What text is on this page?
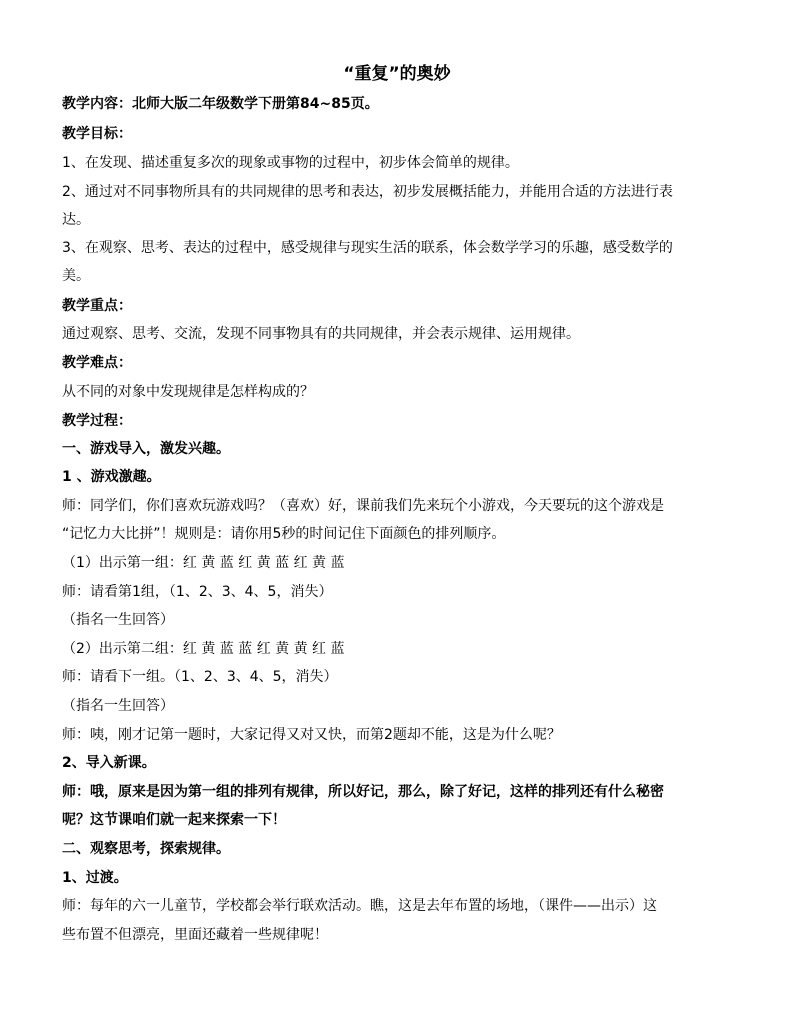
“重复”的奥妙
教学内容：北师大版二年级数学下册第84~85页。
教学目标：
1、在发现、描述重复多次的现象或事物的过程中，初步体会简单的规律。
2、通过对不同事物所具有的共同规律的思考和表达，初步发展概括能力，并能用合适的方法进行表
达。
3、在观察、思考、表达的过程中，感受规律与现实生活的联系，体会数学学习的乐趣，感受数学的
美。
教学重点：
通过观察、思考、交流，发现不同事物具有的共同规律，并会表示规律、运用规律。
教学难点：
从不同的对象中发现规律是怎样构成的？
教学过程：
一、游戏导入，激发兴趣。
1 、游戏激趣。
师：同学们，你们喜欢玩游戏吗？（喜欢）好，课前我们先来玩个小游戏，今天要玩的这个游戏是
“记忆力大比拼”！规则是：请你用5秒的时间记住下面颜色的排列顺序。
（1）出示第一组：红 黄 蓝 红 黄 蓝 红 黄 蓝
师：请看第1组，（1、2、3、4、5，消失）
（指名一生回答）
（2）出示第二组：红 黄 蓝 蓝 红 黄 黄 红 蓝
师：请看下一组。（1、2、3、4、5，消失）
（指名一生回答）
师：咦，刚才记第一题时，大家记得又对又快，而第2题却不能，这是为什么呢？
2、导入新课。
师：哦，原来是因为第一组的排列有规律，所以好记，那么，除了好记，这样的排列还有什么秘密
呢？这节课咱们就一起来探索一下！
二、观察思考，探索规律。
1、过渡。
师：每年的六一儿童节，学校都会举行联欢活动。瞧，这是去年布置的场地，（课件——出示）这
些布置不但漂亮，里面还藏着一些规律呢！
